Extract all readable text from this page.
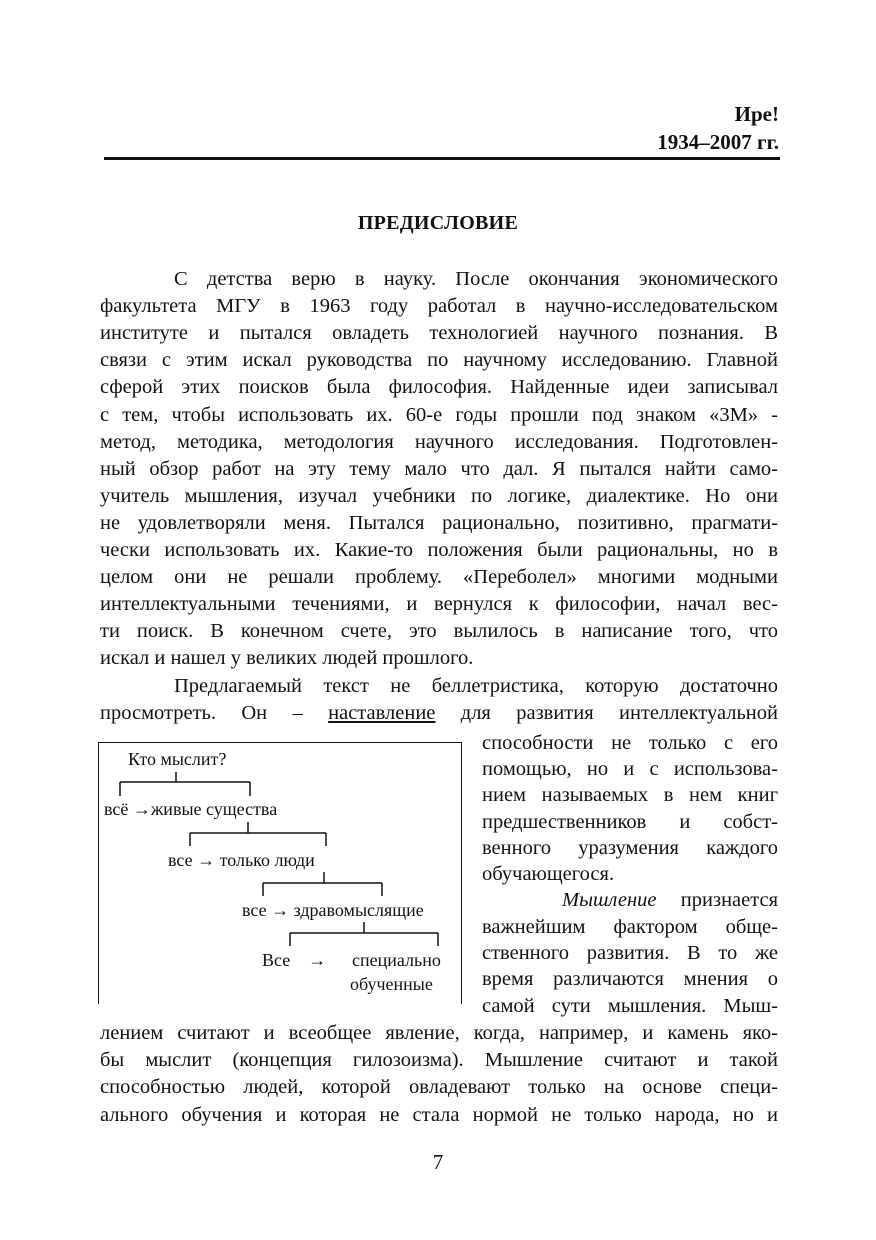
Ире!
1934–2007 гг.
ПРЕДИСЛОВИЕ
С детства верю в науку. После окончания экономического
факультета МГУ в 1963 году работал в научно-исследовательском
институте и пытался овладеть технологией научного познания. В
связи с этим искал руководства по научному исследованию. Главной
сферой этих поисков была философия. Найденные идеи записывал
с тем, чтобы использовать их. 60-е годы прошли под знаком «3М» -
метод, методика, методология научного исследования. Подготовлен-
ный обзор работ на эту тему мало что дал. Я пытался найти само-
учитель мышления, изучал учебники по логике, диалектике. Но они
не удовлетворяли меня. Пытался рационально, позитивно, прагмати-
чески использовать их. Какие-то положения были рациональны, но в
целом они не решали проблему. «Переболел» многими модными
интеллектуальными течениями, и вернулся к философии, начал вес-
ти поиск. В конечном счете, это вылилось в написание того, что
искал и нашел у великих людей прошлого.
Предлагаемый текст не беллетристика, которую достаточно
просмотреть. Он – наставление для развития интеллектуальной
способности не только с его
помощью, но и с использова-
нием называемых в нем книг
предшественников и собст-
венного уразумения каждого
обучающегося.
Мышление признается
важнейшим фактором обще-
ственного развития. В то же
время различаются мнения о
самой сути мышления. Мыш-
Кто мыслит?
всё →живые существа
все → только люди
все → здравомыслящие
Все    → специально
обученные
лением считают и всеобщее явление, когда, например, и камень яко-
бы мыслит (концепция гилозоизма). Мышление считают и такой
способностью людей, которой овладевают только на основе специ-
ального обучения и которая не стала нормой не только народа, но и
7
